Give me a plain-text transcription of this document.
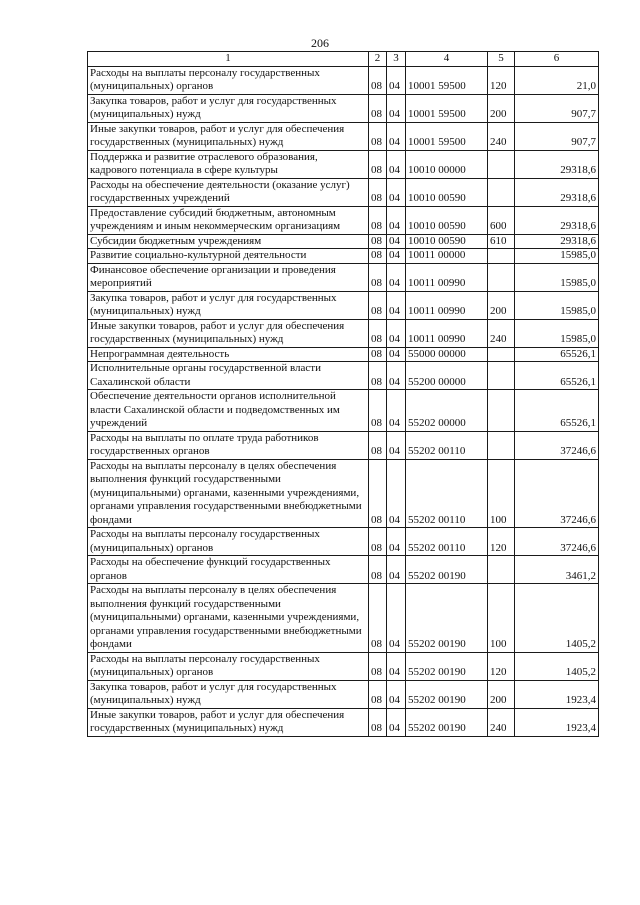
206
1	2	3	4	5	6
Расходы на выплаты персоналу государственных (муниципальных) органов	08	04	10001 59500	120	21,0
Закупка товаров, работ и услуг для государственных (муниципальных) нужд	08	04	10001 59500	200	907,7
Иные закупки товаров, работ и услуг для обеспечения государственных (муниципальных) нужд	08	04	10001 59500	240	907,7
Поддержка и развитие отраслевого образования, кадрового потенциала в сфере культуры	08	04	10010 00000		29318,6
Расходы на обеспечение деятельности (оказание услуг) государственных учреждений	08	04	10010 00590		29318,6
Предоставление субсидий бюджетным, автономным учреждениям и иным некоммерческим организациям	08	04	10010 00590	600	29318,6
Субсидии бюджетным учреждениям	08	04	10010 00590	610	29318,6
Развитие социально-культурной деятельности	08	04	10011 00000		15985,0
Финансовое обеспечение организации и проведения мероприятий	08	04	10011 00990		15985,0
Закупка товаров, работ и услуг для государственных (муниципальных) нужд	08	04	10011 00990	200	15985,0
Иные закупки товаров, работ и услуг для обеспечения государственных (муниципальных) нужд	08	04	10011 00990	240	15985,0
Непрограммная деятельность	08	04	55000 00000		65526,1
Исполнительные органы государственной власти Сахалинской области	08	04	55200 00000		65526,1
Обеспечение деятельности органов исполнительной власти Сахалинской области и подведомственных им учреждений	08	04	55202 00000		65526,1
Расходы на выплаты по оплате труда работников государственных органов	08	04	55202 00110		37246,6
Расходы на выплаты персоналу в целях обеспечения выполнения функций государственными (муниципальными) органами, казенными учреждениями, органами управления государственными внебюджетными фондами	08	04	55202 00110	100	37246,6
Расходы на выплаты персоналу государственных (муниципальных) органов	08	04	55202 00110	120	37246,6
Расходы на обеспечение функций государственных органов	08	04	55202 00190		3461,2
Расходы на выплаты персоналу в целях обеспечения выполнения функций государственными (муниципальными) органами, казенными учреждениями, органами управления государственными внебюджетными фондами	08	04	55202 00190	100	1405,2
Расходы на выплаты персоналу государственных (муниципальных) органов	08	04	55202 00190	120	1405,2
Закупка товаров, работ и услуг для государственных (муниципальных) нужд	08	04	55202 00190	200	1923,4
Иные закупки товаров, работ и услуг для обеспечения государственных (муниципальных) нужд	08	04	55202 00190	240	1923,4
